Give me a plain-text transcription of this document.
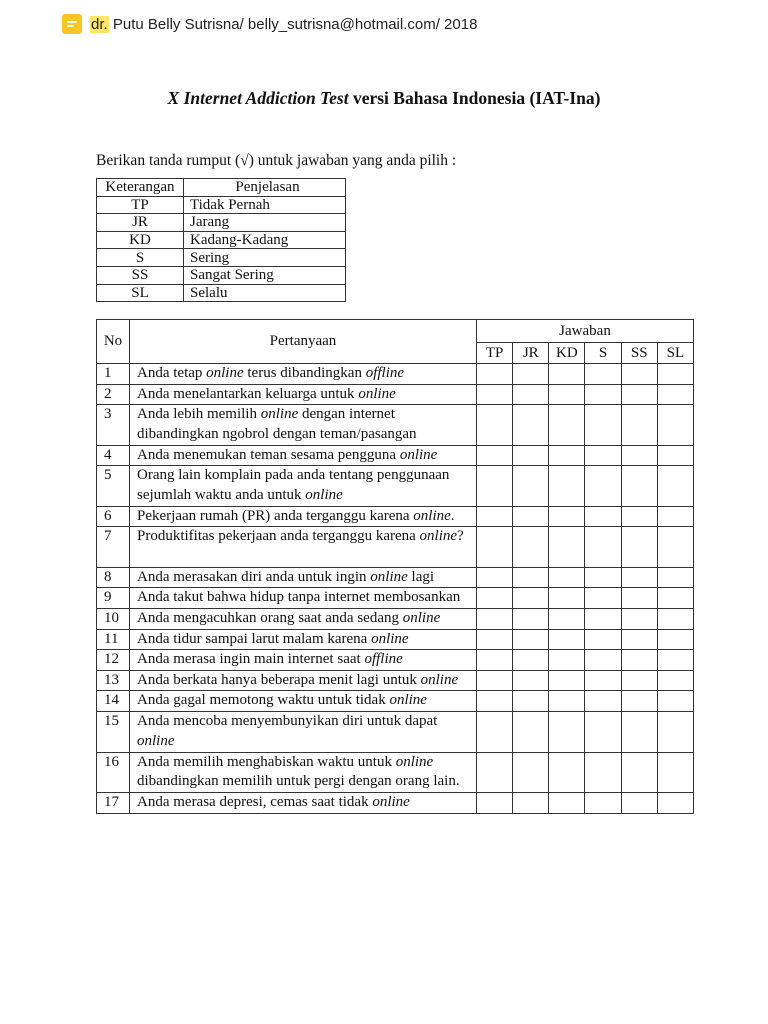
dr. Putu Belly Sutrisna/ belly_sutrisna@hotmail.com/ 2018
X Internet Addiction Test versi Bahasa Indonesia (IAT-Ina)
Berikan tanda rumput (√) untuk jawaban yang anda pilih :
Keterangan	Penjelasan
TP	Tidak Pernah
JR	Jarang
KD	Kadang-Kadang
S	Sering
SS	Sangat Sering
SL	Selalu
No	Pertanyaan	Jawaban					
		TP	JR	KD	S	SS	SL
1	Anda tetap online terus dibandingkan offline						
2	Anda menelantarkan keluarga untuk online						
3	Anda lebih memilih online dengan internet dibandingkan ngobrol dengan teman/pasangan						
4	Anda menemukan teman sesama pengguna online						
5	Orang lain komplain pada anda tentang penggunaan sejumlah waktu anda untuk online						
6	Pekerjaan rumah (PR) anda terganggu karena online.						
7	Produktifitas pekerjaan anda terganggu karena online?						
8	Anda merasakan diri anda untuk ingin online lagi						
9	Anda takut bahwa hidup tanpa internet membosankan						
10	Anda mengacuhkan orang saat anda sedang online						
11	Anda tidur sampai larut malam karena online						
12	Anda merasa ingin main internet saat offline						
13	Anda berkata hanya beberapa menit lagi untuk online						
14	Anda gagal memotong waktu untuk tidak online						
15	Anda mencoba menyembunyikan diri untuk dapat online						
16	Anda memilih menghabiskan waktu untuk online dibandingkan memilih untuk pergi dengan orang lain.						
17	Anda merasa depresi, cemas saat tidak online						
